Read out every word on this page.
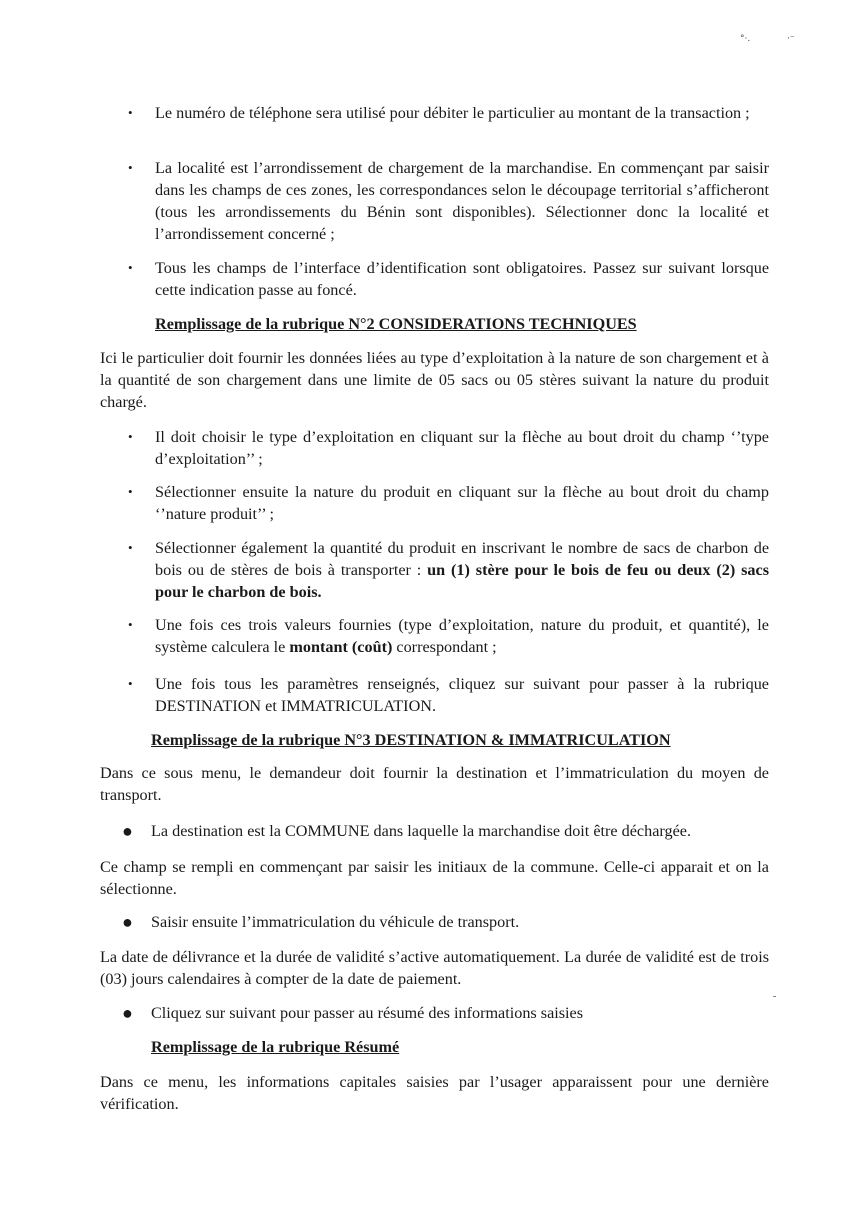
°·.	·⁻
• Le numéro de téléphone sera utilisé pour débiter le particulier au montant de la transaction ;
• La localité est l’arrondissement de chargement de la marchandise. En commençant par saisir dans les champs de ces zones, les correspondances selon le découpage territorial s’afficheront (tous les arrondissements du Bénin sont disponibles). Sélectionner donc la localité et l’arrondissement concerné ;
• Tous les champs de l’interface d’identification sont obligatoires. Passez sur suivant lorsque cette indication passe au foncé.
Remplissage de la rubrique N°2 CONSIDERATIONS TECHNIQUES
Ici le particulier doit fournir les données liées au type d’exploitation à la nature de son chargement et à la quantité de son chargement dans une limite de 05 sacs ou 05 stères suivant la nature du produit chargé.
• Il doit choisir le type d’exploitation en cliquant sur la flèche au bout droit du champ ‘’type d’exploitation’’ ;
• Sélectionner ensuite la nature du produit en cliquant sur la flèche au bout droit du champ ‘’nature produit’’ ;
• Sélectionner également la quantité du produit en inscrivant le nombre de sacs de charbon de bois ou de stères de bois à transporter : un (1) stère pour le bois de feu ou deux (2) sacs pour le charbon de bois.
• Une fois ces trois valeurs fournies (type d’exploitation, nature du produit, et quantité), le système calculera le montant (coût) correspondant ;
• Une fois tous les paramètres renseignés, cliquez sur suivant pour passer à la rubrique DESTINATION et IMMATRICULATION.
Remplissage de la rubrique N°3 DESTINATION & IMMATRICULATION
Dans ce sous menu, le demandeur doit fournir la destination et l’immatriculation du moyen de transport.
● La destination est la COMMUNE dans laquelle la marchandise doit être déchargée.
Ce champ se rempli en commençant par saisir les initiaux de la commune. Celle-ci apparait et on la sélectionne.
● Saisir ensuite l’immatriculation du véhicule de transport.
La date de délivrance et la durée de validité s’active automatiquement. La durée de validité est de trois (03) jours calendaires à compter de la date de paiement.
● Cliquez sur suivant pour passer au résumé des informations saisies
Remplissage de la rubrique Résumé
Dans ce menu, les informations capitales saisies par l’usager apparaissent pour une dernière vérification.
